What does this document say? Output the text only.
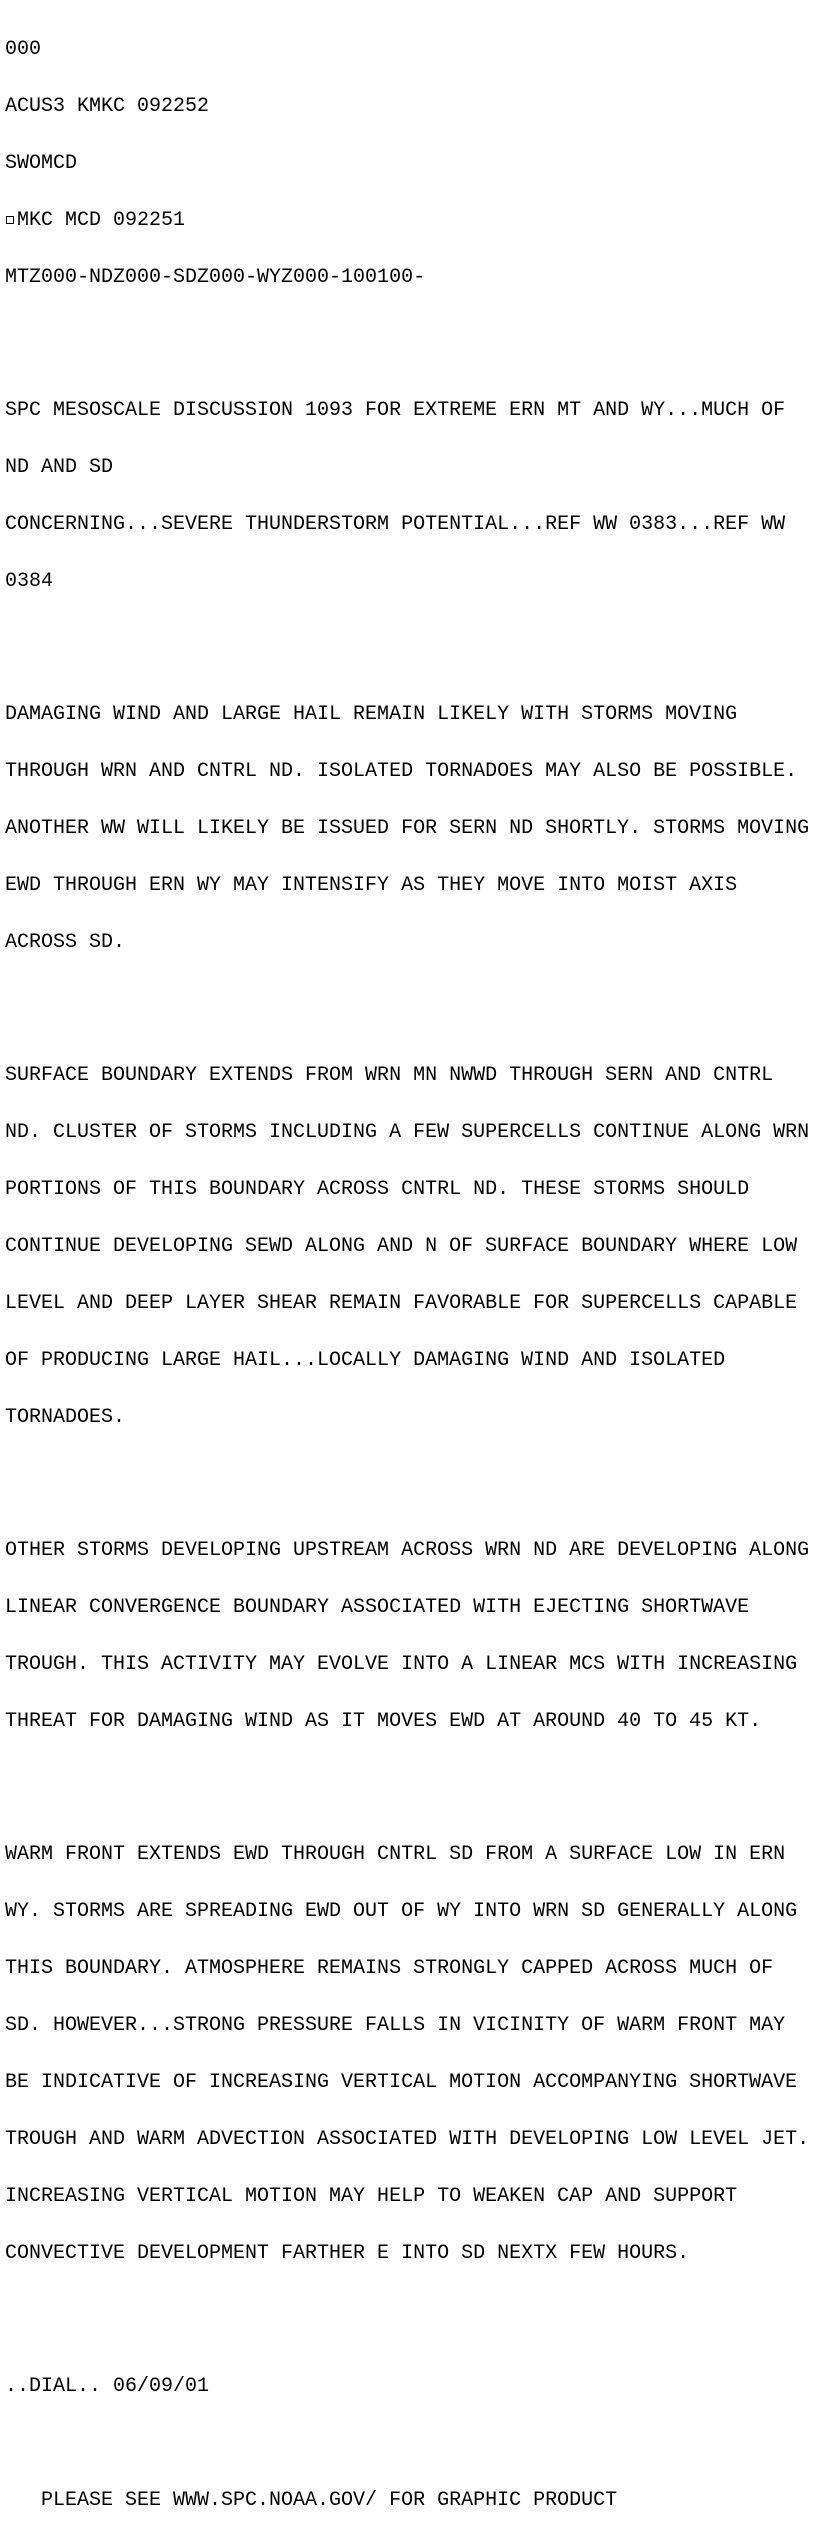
000

ACUS3 KMKC 092252

SWOMCD

MKC MCD 092251

MTZ000-NDZ000-SDZ000-WYZ000-100100-

SPC MESOSCALE DISCUSSION 1093 FOR EXTREME ERN MT AND WY...MUCH OF

ND AND SD

CONCERNING...SEVERE THUNDERSTORM POTENTIAL...REF WW 0383...REF WW

0384

DAMAGING WIND AND LARGE HAIL REMAIN LIKELY WITH STORMS MOVING

THROUGH WRN AND CNTRL ND. ISOLATED TORNADOES MAY ALSO BE POSSIBLE.

ANOTHER WW WILL LIKELY BE ISSUED FOR SERN ND SHORTLY. STORMS MOVING

EWD THROUGH ERN WY MAY INTENSIFY AS THEY MOVE INTO MOIST AXIS

ACROSS SD.

SURFACE BOUNDARY EXTENDS FROM WRN MN NWWD THROUGH SERN AND CNTRL

ND. CLUSTER OF STORMS INCLUDING A FEW SUPERCELLS CONTINUE ALONG WRN

PORTIONS OF THIS BOUNDARY ACROSS CNTRL ND. THESE STORMS SHOULD

CONTINUE DEVELOPING SEWD ALONG AND N OF SURFACE BOUNDARY WHERE LOW

LEVEL AND DEEP LAYER SHEAR REMAIN FAVORABLE FOR SUPERCELLS CAPABLE

OF PRODUCING LARGE HAIL...LOCALLY DAMAGING WIND AND ISOLATED

TORNADOES.

OTHER STORMS DEVELOPING UPSTREAM ACROSS WRN ND ARE DEVELOPING ALONG

LINEAR CONVERGENCE BOUNDARY ASSOCIATED WITH EJECTING SHORTWAVE

TROUGH. THIS ACTIVITY MAY EVOLVE INTO A LINEAR MCS WITH INCREASING

THREAT FOR DAMAGING WIND AS IT MOVES EWD AT AROUND 40 TO 45 KT.

WARM FRONT EXTENDS EWD THROUGH CNTRL SD FROM A SURFACE LOW IN ERN

WY. STORMS ARE SPREADING EWD OUT OF WY INTO WRN SD GENERALLY ALONG

THIS BOUNDARY. ATMOSPHERE REMAINS STRONGLY CAPPED ACROSS MUCH OF

SD. HOWEVER...STRONG PRESSURE FALLS IN VICINITY OF WARM FRONT MAY

BE INDICATIVE OF INCREASING VERTICAL MOTION ACCOMPANYING SHORTWAVE

TROUGH AND WARM ADVECTION ASSOCIATED WITH DEVELOPING LOW LEVEL JET.

INCREASING VERTICAL MOTION MAY HELP TO WEAKEN CAP AND SUPPORT

CONVECTIVE DEVELOPMENT FARTHER E INTO SD NEXTX FEW HOURS.

..DIAL.. 06/09/01

PLEASE SEE WWW.SPC.NOAA.GOV/ FOR GRAPHIC PRODUCT
